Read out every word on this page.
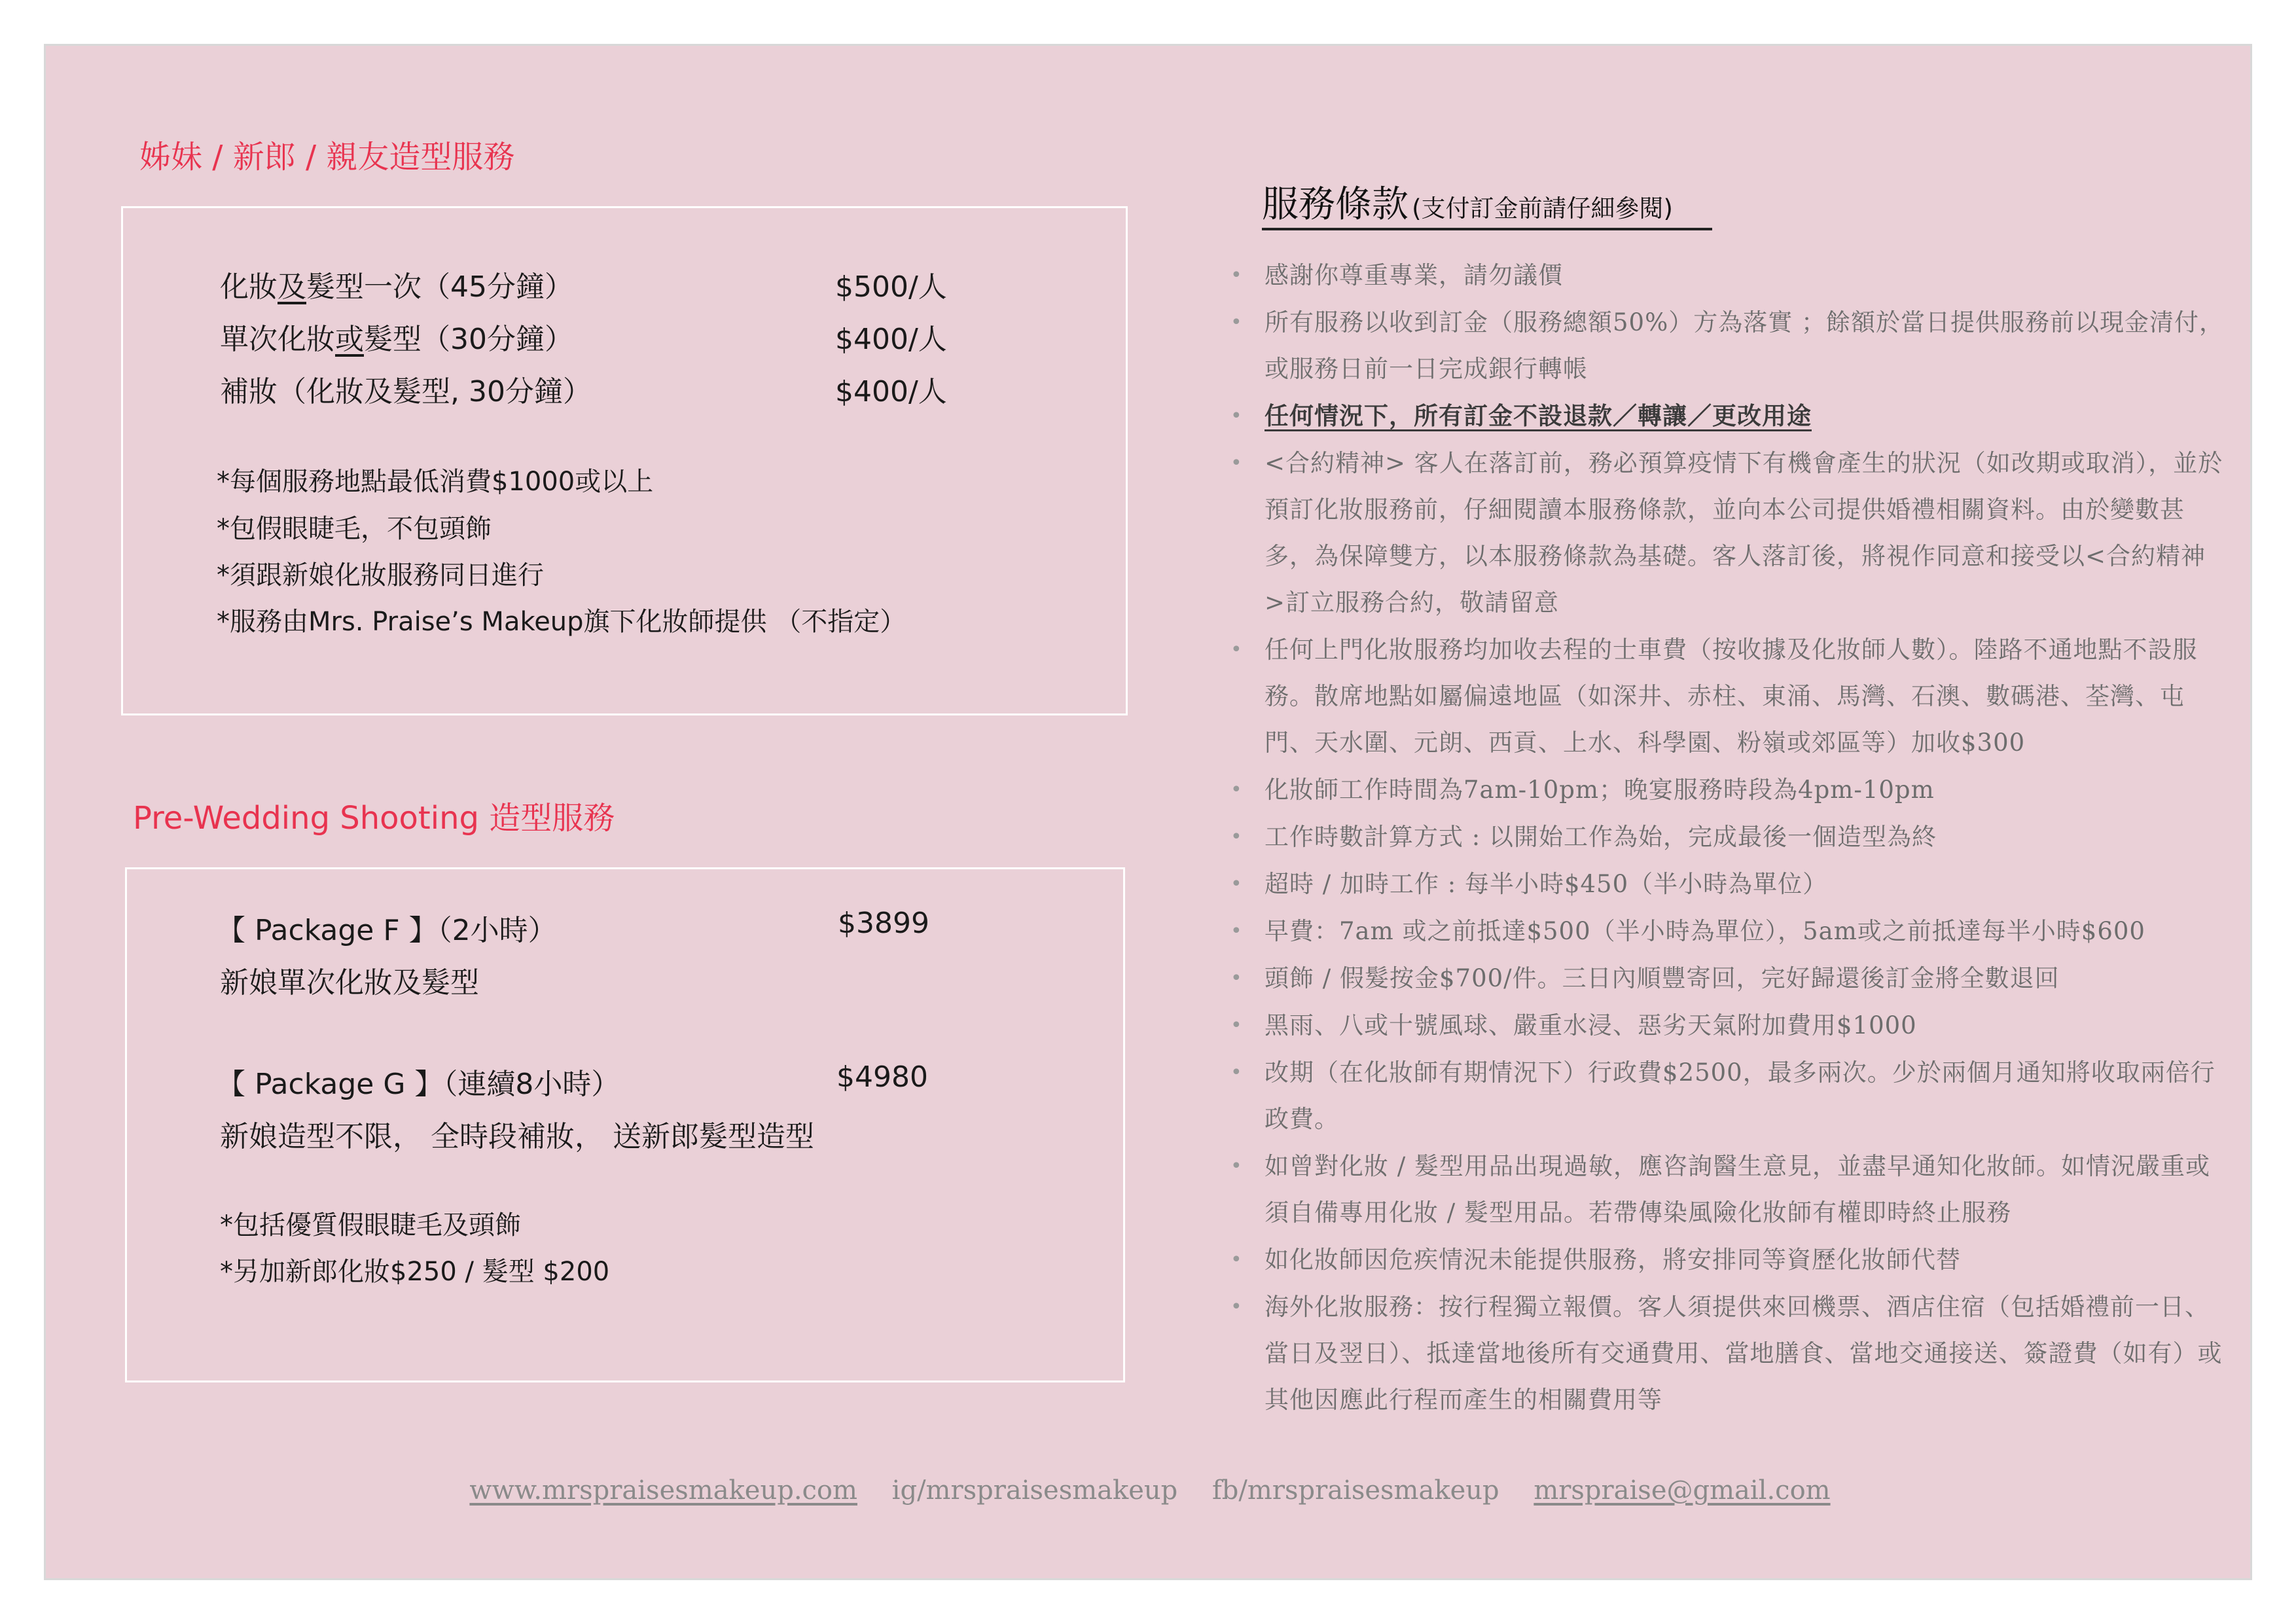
姊妹 / 新郎 / 親友造型服務
化妝及髮型一次（45分鐘）	$500/人
單次化妝或髮型（30分鐘）	$400/人
補妝（化妝及髮型, 30分鐘）	$400/人
*每個服務地點最低消費$1000或以上
*包假眼睫毛，不包頭飾
*須跟新娘化妝服務同日進行
*服務由Mrs. Praise’s Makeup旗下化妝師提供 （不指定）
Pre-Wedding Shooting 造型服務
【 Package F 】（2小時）	$3899
新娘單次化妝及髮型
【 Package G 】（連續8小時）	$4980
新娘造型不限， 全時段補妝， 送新郎髮型造型
*包括優質假眼睫毛及頭飾
*另加新郎化妝$250 / 髮型 $200
服務條款 (支付訂金前請仔細參閱)
• 感謝你尊重專業，請勿議價
• 所有服務以收到訂金（服務總額50%）方為落實 ；餘額於當日提供服務前以現金清付，或服務日前一日完成銀行轉帳
• 任何情況下，所有訂金不設退款／轉讓／更改用途
• <合約精神> 客人在落訂前，務必預算疫情下有機會產生的狀況（如改期或取消），並於預訂化妝服務前，仔細閱讀本服務條款，並向本公司提供婚禮相關資料。由於變數甚多，為保障雙方，以本服務條款為基礎。客人落訂後，將視作同意和接受以<合約精神>訂立服務合約，敬請留意
• 任何上門化妝服務均加收去程的士車費（按收據及化妝師人數）。陸路不通地點不設服務。散席地點如屬偏遠地區（如深井、赤柱、東涌、馬灣、石澳、數碼港、荃灣、屯門、天水圍、元朗、西貢、上水、科學園、粉嶺或郊區等）加收$300
• 化妝師工作時間為7am-10pm；晚宴服務時段為4pm-10pm
• 工作時數計算方式 : 以開始工作為始，完成最後一個造型為終
• 超時 / 加時工作 : 每半小時$450（半小時為單位）
• 早費：7am 或之前抵達$500（半小時為單位），5am或之前抵達每半小時$600
• 頭飾 / 假髮按金$700/件。三日內順豐寄回，完好歸還後訂金將全數退回
• 黑雨、八或十號風球、嚴重水浸、惡劣天氣附加費用$1000
• 改期（在化妝師有期情況下）行政費$2500，最多兩次。少於兩個月通知將收取兩倍行政費。
• 如曾對化妝 / 髮型用品出現過敏，應咨詢醫生意見，並盡早通知化妝師。如情況嚴重或須自備專用化妝 / 髮型用品。若帶傳染風險化妝師有權即時終止服務
• 如化妝師因危疾情況未能提供服務，將安排同等資歷化妝師代替
• 海外化妝服務：按行程獨立報價。客人須提供來回機票、酒店住宿（包括婚禮前一日、當日及翌日）、抵達當地後所有交通費用、當地膳食、當地交通接送、簽證費（如有）或其他因應此行程而產生的相關費用等
www.mrspraisesmakeup.com ig/mrspraisesmakeup fb/mrspraisesmakeup mrspraise@gmail.com
